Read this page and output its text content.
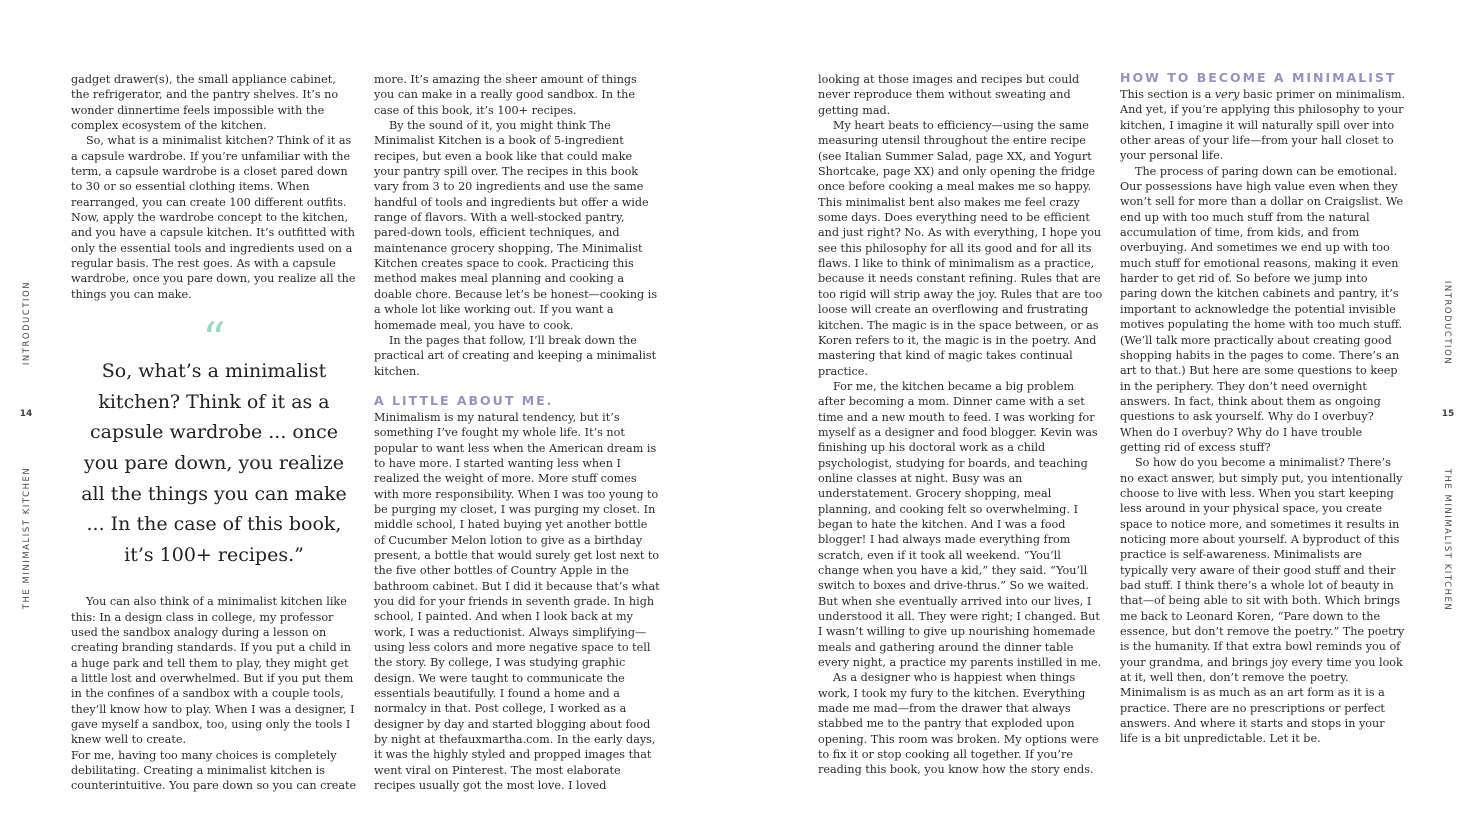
INTRODUCTION
14
THE MINIMALIST KITCHEN

gadget drawer(s), the small appliance cabinet, the refrigerator, and the pantry shelves. It’s no wonder dinnertime feels impossible with the complex ecosystem of the kitchen.

So, what is a minimalist kitchen? Think of it as a capsule wardrobe. If you’re unfamiliar with the term, a capsule wardrobe is a closet pared down to 30 or so essential clothing items. When rearranged, you can create 100 different outfits. Now, apply the wardrobe concept to the kitchen, and you have a capsule kitchen. It’s outfitted with only the essential tools and ingredients used on a regular basis. The rest goes. As with a capsule wardrobe, once you pare down, you realize all the things you can make.

“
So, what’s a minimalist kitchen? Think of it as a capsule wardrobe ... once you pare down, you realize all the things you can make ... In the case of this book, it’s 100+ recipes.”

You can also think of a minimalist kitchen like this: In a design class in college, my professor used the sandbox analogy during a lesson on creating branding standards. If you put a child in a huge park and tell them to play, they might get a little lost and overwhelmed. But if you put them in the confines of a sandbox with a couple tools, they’ll know how to play. When I was a designer, I gave myself a sandbox, too, using only the tools I knew well to create.

For me, having too many choices is completely debilitating. Creating a minimalist kitchen is counterintuitive. You pare down so you can create

more. It’s amazing the sheer amount of things you can make in a really good sandbox. In the case of this book, it’s 100+ recipes.

By the sound of it, you might think The Minimalist Kitchen is a book of 5-ingredient recipes, but even a book like that could make your pantry spill over. The recipes in this book vary from 3 to 20 ingredients and use the same handful of tools and ingredients but offer a wide range of flavors. With a well-stocked pantry, pared-down tools, efficient techniques, and maintenance grocery shopping, The Minimalist Kitchen creates space to cook. Practicing this method makes meal planning and cooking a doable chore. Because let’s be honest—cooking is a whole lot like working out. If you want a homemade meal, you have to cook.

In the pages that follow, I’ll break down the practical art of creating and keeping a minimalist kitchen.

A LITTLE ABOUT ME.

Minimalism is my natural tendency, but it’s something I’ve fought my whole life. It’s not popular to want less when the American dream is to have more. I started wanting less when I realized the weight of more. More stuff comes with more responsibility. When I was too young to be purging my closet, I was purging my closet. In middle school, I hated buying yet another bottle of Cucumber Melon lotion to give as a birthday present, a bottle that would surely get lost next to the five other bottles of Country Apple in the bathroom cabinet. But I did it because that’s what you did for your friends in seventh grade. In high school, I painted. And when I look back at my work, I was a reductionist. Always simplifying—using less colors and more negative space to tell the story. By college, I was studying graphic design. We were taught to communicate the essentials beautifully. I found a home and a normalcy in that. Post college, I worked as a designer by day and started blogging about food by night at thefauxmartha.com. In the early days, it was the highly styled and propped images that went viral on Pinterest. The most elaborate recipes usually got the most love. I loved

looking at those images and recipes but could never reproduce them without sweating and getting mad.

My heart beats to efficiency—using the same measuring utensil throughout the entire recipe (see Italian Summer Salad, page XX, and Yogurt Shortcake, page XX) and only opening the fridge once before cooking a meal makes me so happy. This minimalist bent also makes me feel crazy some days. Does everything need to be efficient and just right? No. As with everything, I hope you see this philosophy for all its good and for all its flaws. I like to think of minimalism as a practice, because it needs constant refining. Rules that are too rigid will strip away the joy. Rules that are too loose will create an overflowing and frustrating kitchen. The magic is in the space between, or as Koren refers to it, the magic is in the poetry. And mastering that kind of magic takes continual practice.

For me, the kitchen became a big problem after becoming a mom. Dinner came with a set time and a new mouth to feed. I was working for myself as a designer and food blogger. Kevin was finishing up his doctoral work as a child psychologist, studying for boards, and teaching online classes at night. Busy was an understatement. Grocery shopping, meal planning, and cooking felt so overwhelming. I began to hate the kitchen. And I was a food blogger! I had always made everything from scratch, even if it took all weekend. “You’ll change when you have a kid,” they said. “You’ll switch to boxes and drive-thrus.” So we waited. But when she eventually arrived into our lives, I understood it all. They were right; I changed. But I wasn’t willing to give up nourishing homemade meals and gathering around the dinner table every night, a practice my parents instilled in me.

As a designer who is happiest when things work, I took my fury to the kitchen. Everything made me mad—from the drawer that always stabbed me to the pantry that exploded upon opening. This room was broken. My options were to fix it or stop cooking all together. If you’re reading this book, you know how the story ends.

HOW TO BECOME A MINIMALIST

This section is a very basic primer on minimalism. And yet, if you’re applying this philosophy to your kitchen, I imagine it will naturally spill over into other areas of your life—from your hall closet to your personal life.

The process of paring down can be emotional. Our possessions have high value even when they won’t sell for more than a dollar on Craigslist. We end up with too much stuff from the natural accumulation of time, from kids, and from overbuying. And sometimes we end up with too much stuff for emotional reasons, making it even harder to get rid of. So before we jump into paring down the kitchen cabinets and pantry, it’s important to acknowledge the potential invisible motives populating the home with too much stuff. (We’ll talk more practically about creating good shopping habits in the pages to come. There’s an art to that.) But here are some questions to keep in the periphery. They don’t need overnight answers. In fact, think about them as ongoing questions to ask yourself. Why do I overbuy? When do I overbuy? Why do I have trouble getting rid of excess stuff?

So how do you become a minimalist? There’s no exact answer, but simply put, you intentionally choose to live with less. When you start keeping less around in your physical space, you create space to notice more, and sometimes it results in noticing more about yourself. A byproduct of this practice is self-awareness. Minimalists are typically very aware of their good stuff and their bad stuff. I think there’s a whole lot of beauty in that—of being able to sit with both. Which brings me back to Leonard Koren, “Pare down to the essence, but don’t remove the poetry.” The poetry is the humanity. If that extra bowl reminds you of your grandma, and brings joy every time you look at it, well then, don’t remove the poetry. Minimalism is as much as an art form as it is a practice. There are no prescriptions or perfect answers. And where it starts and stops in your life is a bit unpredictable. Let it be.

INTRODUCTION
15
THE MINIMALIST KITCHEN
